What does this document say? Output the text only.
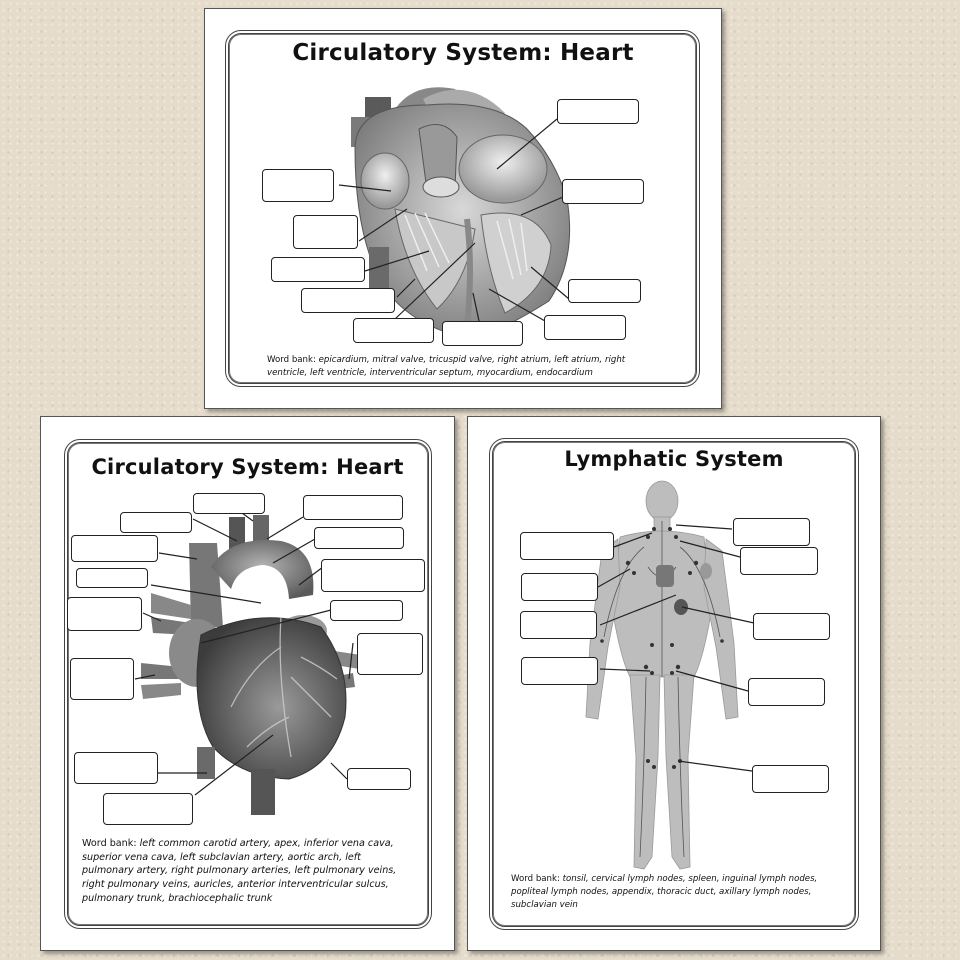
Circulatory System: Heart
Word bank: epicardium, mitral valve, tricuspid valve, right atrium, left atrium, right ventricle, left ventricle, interventricular septum, myocardium, endocardium
Circulatory System: Heart
Word bank: left common carotid artery, apex, inferior vena cava, superior vena cava, left subclavian artery, aortic arch, left pulmonary artery, right pulmonary arteries, left pulmonary veins, right pulmonary veins, auricles, anterior interventricular sulcus, pulmonary trunk, brachiocephalic trunk
Lymphatic System
Word bank: tonsil, cervical lymph nodes, spleen, inguinal lymph nodes, popliteal lymph nodes, appendix, thoracic duct, axillary lymph nodes, subclavian vein
